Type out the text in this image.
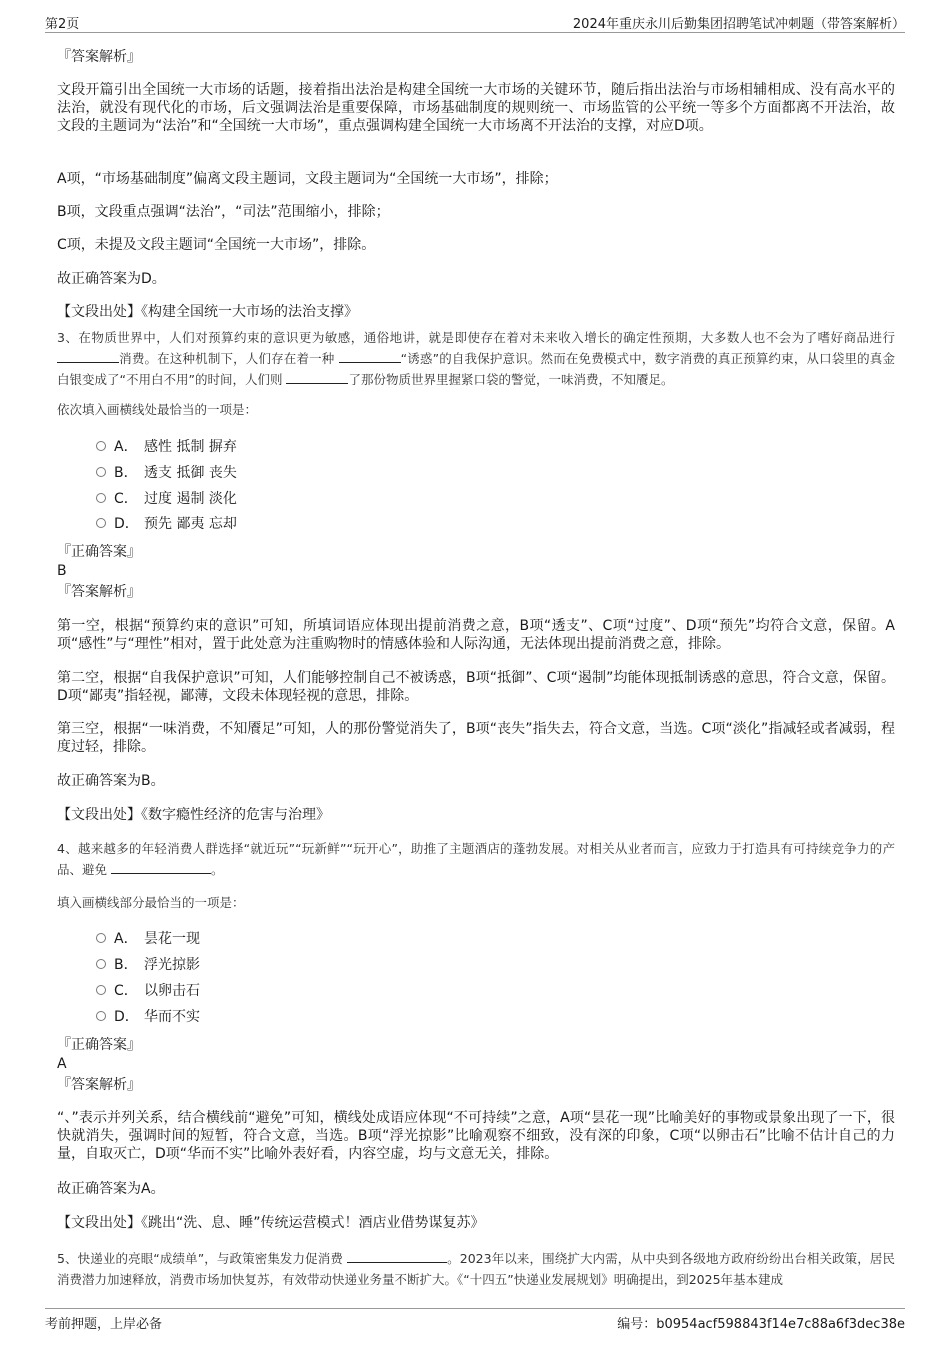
第2页	2024年重庆永川后勤集团招聘笔试冲刺题（带答案解析）

『答案解析』

文段开篇引出全国统一大市场的话题，接着指出法治是构建全国统一大市场的关键环节，随后指出法治与市场相辅相成、没有高水平的法治，就没有现代化的市场，后文强调法治是重要保障，市场基础制度的规则统一、市场监管的公平统一等多个方面都离不开法治，故文段的主题词为“法治”和“全国统一大市场”，重点强调构建全国统一大市场离不开法治的支撑，对应D项。

A项，“市场基础制度”偏离文段主题词，文段主题词为“全国统一大市场”，排除；

B项，文段重点强调“法治”，“司法”范围缩小，排除；

C项，未提及文段主题词“全国统一大市场”，排除。

故正确答案为D。

【文段出处】《构建全国统一大市场的法治支撑》

3、在物质世界中，人们对预算约束的意识更为敏感，通俗地讲，就是即使存在着对未来收入增长的确定性预期，大多数人也不会为了嗜好商品进行 消费。在这种机制下，人们存在着一种	“诱惑”的自我保护意识。然而在免费模式中，数字消费的真正预算约束，从口袋里的真金白银变成了“不用白不用”的时间，人们则	了那份物质世界里握紧口袋的警觉，一味消费，不知餍足。

依次填入画横线处最恰当的一项是：

A． 感性 抵制 摒弃
B． 透支 抵御 丧失
C． 过度 遏制 淡化
D． 预先 鄙夷 忘却

『正确答案』

B

『答案解析』

第一空，根据“预算约束的意识”可知，所填词语应体现出提前消费之意，B项“透支”、C项“过度”、D项“预先”均符合文意，保留。A项“感性”与“理性”相对，置于此处意为注重购物时的情感体验和人际沟通，无法体现出提前消费之意，排除。

第二空，根据“自我保护意识”可知，人们能够控制自己不被诱惑，B项“抵御”、C项“遏制”均能体现抵制诱惑的意思，符合文意，保留。D项“鄙夷”指轻视，鄙薄，文段未体现轻视的意思，排除。

第三空，根据“一味消费，不知餍足”可知，人的那份警觉消失了，B项“丧失”指失去，符合文意，当选。C项“淡化”指减轻或者减弱，程度过轻，排除。

故正确答案为B。

【文段出处】《数字瘾性经济的危害与治理》

4、越来越多的年轻消费人群选择“就近玩”“玩新鲜”“玩开心”，助推了主题酒店的蓬勃发展。对相关从业者而言，应致力于打造具有可持续竞争力的产品、避免	。

填入画横线部分最恰当的一项是：

A． 昙花一现
B． 浮光掠影
C． 以卵击石
D． 华而不实

『正确答案』

A

『答案解析』

“、”表示并列关系，结合横线前“避免”可知，横线处成语应体现“不可持续”之意，A项“昙花一现”比喻美好的事物或景象出现了一下，很快就消失，强调时间的短暂，符合文意，当选。B项“浮光掠影”比喻观察不细致，没有深的印象，C项“以卵击石”比喻不估计自己的力量，自取灭亡，D项“华而不实”比喻外表好看，内容空虚，均与文意无关，排除。

故正确答案为A。

【文段出处】《跳出“洗、息、睡”传统运营模式！酒店业借势谋复苏》

5、快递业的亮眼“成绩单”，与政策密集发力促消费	。2023年以来，围绕扩大内需，从中央到各级地方政府纷纷出台相关政策，居民消费潜力加速释放，消费市场加快复苏，有效带动快递业务量不断扩大。《“十四五”快递业发展规划》明确提出，到2025年基本建成

考前押题，上岸必备	编号：b0954acf598843f14e7c88a6f3dec38e
